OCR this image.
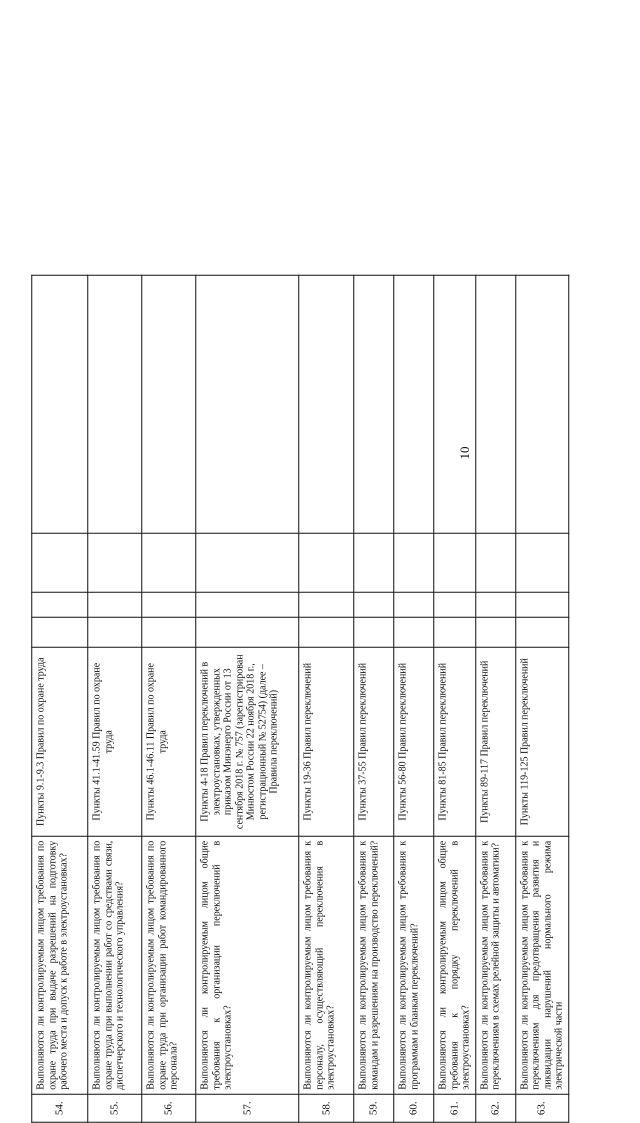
10
54.	Выполняются ли контролируемым лицом требования по охране труда при выдаче разрешений на подготовку рабочего места и допуск к работе в электроустановках?	Пункты 9.1-9.3 Правил по охране труда				
55.	Выполняются ли контролируемым лицом требования по охране труда при выполнении работ со средствами связи, диспетчерского и технологического управления?	Пункты 41.1-41.59 Правил по охране труда				
56.	Выполняются ли контролируемым лицом требования по охране труда при организации работ командированного персонала?	Пункты 46.1-46.11 Правил по охране труда				
57.	Выполняются ли контролируемым лицом общие требования к организации переключений в электроустановках?	Пункты 4-18 Правил переключений в электроустановках, утвержденных приказом Минэнерго России от 13 сентября 2018 г. № 757 (зарегистрирован Минюстом России 22 ноября 2018 г., регистрационный № 52754) (далее – Правила переключений)				
58.	Выполняются ли контролируемым лицом требования к персоналу, осуществляющий переключения в электроустановках?	Пункты 19-36 Правил переключений				
59.	Выполняются ли контролируемым лицом требования к командам и разрешениям на производство переключений?	Пункты 37-55 Правил переключений				
60.	Выполняются ли контролируемым лицом требования к программам и бланкам переключений?	Пункты 56-80 Правил переключений				
61.	Выполняются ли контролируемым лицом общие требования к порядку переключений в электроустановках?	Пункты 81-85 Правил переключений				
62.	Выполняются ли контролируемым лицом требования к переключениям в схемах релейной защиты и автоматики?	Пункты 89-117 Правил переключений				
63.	Выполняются ли контролируемым лицом требования к переключениям для предотвращения развития и ликвидации нарушений нормального режима электрической части	Пункты 119-125 Правил переключений				
